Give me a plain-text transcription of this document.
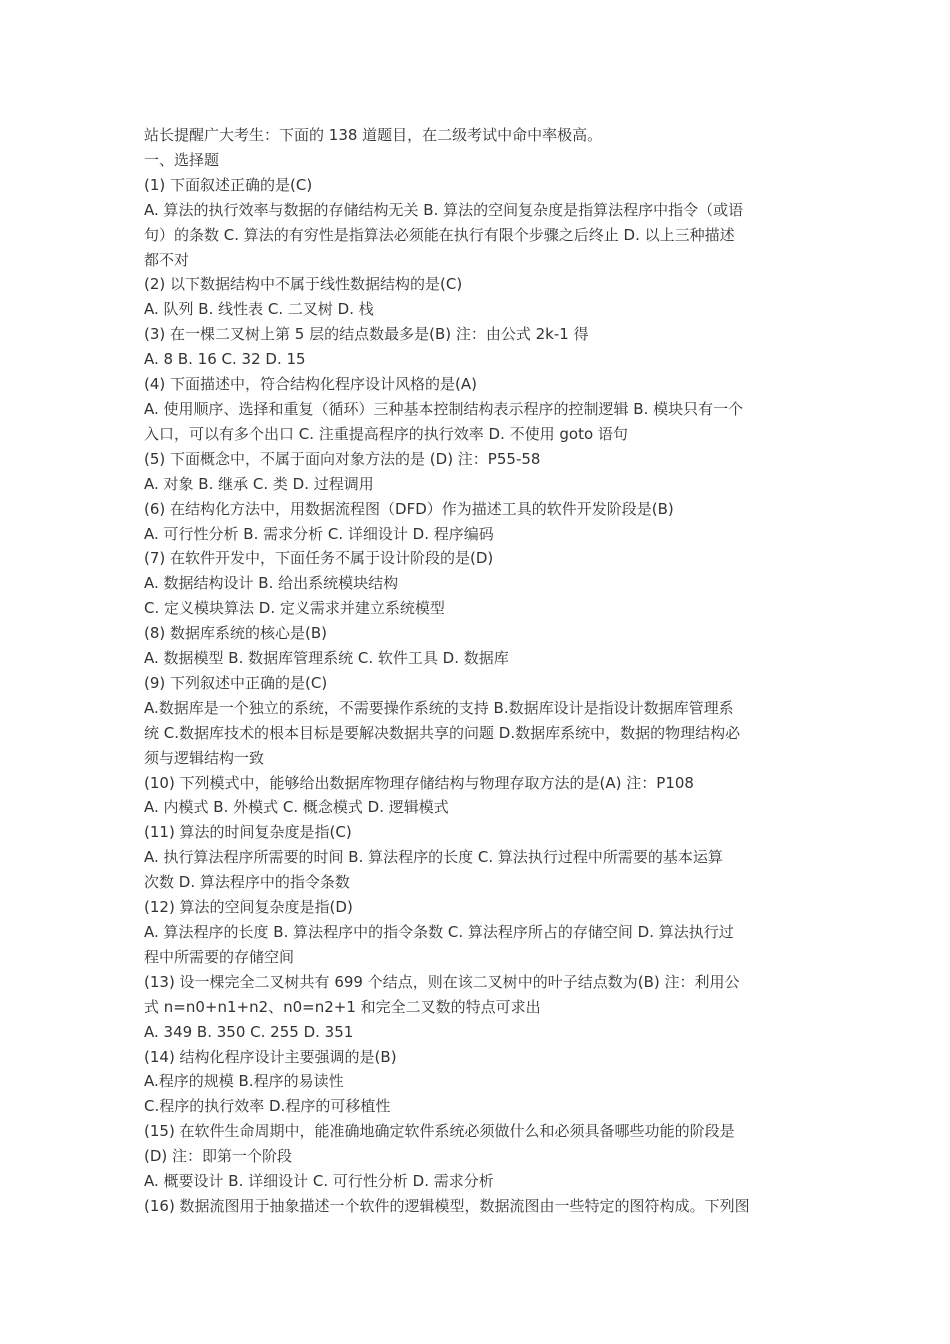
站长提醒广大考生：下面的 138 道题目，在二级考试中命中率极高。

一、选择题

(1) 下面叙述正确的是(C)

A. 算法的执行效率与数据的存储结构无关 B. 算法的空间复杂度是指算法程序中指令（或语

句）的条数 C. 算法的有穷性是指算法必须能在执行有限个步骤之后终止 D. 以上三种描述

都不对

(2) 以下数据结构中不属于线性数据结构的是(C)

A. 队列 B. 线性表 C. 二叉树 D. 栈

(3) 在一棵二叉树上第 5 层的结点数最多是(B) 注：由公式 2k-1 得

A. 8 B. 16 C. 32 D. 15

(4) 下面描述中，符合结构化程序设计风格的是(A)

A. 使用顺序、选择和重复（循环）三种基本控制结构表示程序的控制逻辑 B. 模块只有一个

入口，可以有多个出口 C. 注重提高程序的执行效率 D. 不使用 goto 语句

(5) 下面概念中，不属于面向对象方法的是 (D) 注：P55-58

A. 对象 B. 继承 C. 类 D. 过程调用

(6) 在结构化方法中，用数据流程图（DFD）作为描述工具的软件开发阶段是(B)

A. 可行性分析 B. 需求分析 C. 详细设计 D. 程序编码

(7) 在软件开发中，下面任务不属于设计阶段的是(D)

A. 数据结构设计 B. 给出系统模块结构

C. 定义模块算法 D. 定义需求并建立系统模型

(8) 数据库系统的核心是(B)

A. 数据模型 B. 数据库管理系统 C. 软件工具 D. 数据库

(9) 下列叙述中正确的是(C)

A.数据库是一个独立的系统，不需要操作系统的支持 B.数据库设计是指设计数据库管理系

统 C.数据库技术的根本目标是要解决数据共享的问题 D.数据库系统中，数据的物理结构必

须与逻辑结构一致

(10) 下列模式中，能够给出数据库物理存储结构与物理存取方法的是(A) 注：P108

A. 内模式 B. 外模式 C. 概念模式 D. 逻辑模式

(11) 算法的时间复杂度是指(C)

A. 执行算法程序所需要的时间 B. 算法程序的长度 C. 算法执行过程中所需要的基本运算

次数 D. 算法程序中的指令条数

(12) 算法的空间复杂度是指(D)

A. 算法程序的长度 B. 算法程序中的指令条数 C. 算法程序所占的存储空间 D. 算法执行过

程中所需要的存储空间

(13) 设一棵完全二叉树共有 699 个结点，则在该二叉树中的叶子结点数为(B) 注：利用公

式 n=n0+n1+n2、n0=n2+1 和完全二叉数的特点可求出

A. 349 B. 350 C. 255 D. 351

(14) 结构化程序设计主要强调的是(B)

A.程序的规模 B.程序的易读性

C.程序的执行效率 D.程序的可移植性

(15) 在软件生命周期中，能准确地确定软件系统必须做什么和必须具备哪些功能的阶段是

(D) 注：即第一个阶段

A. 概要设计 B. 详细设计 C. 可行性分析 D. 需求分析

(16) 数据流图用于抽象描述一个软件的逻辑模型，数据流图由一些特定的图符构成。下列图
